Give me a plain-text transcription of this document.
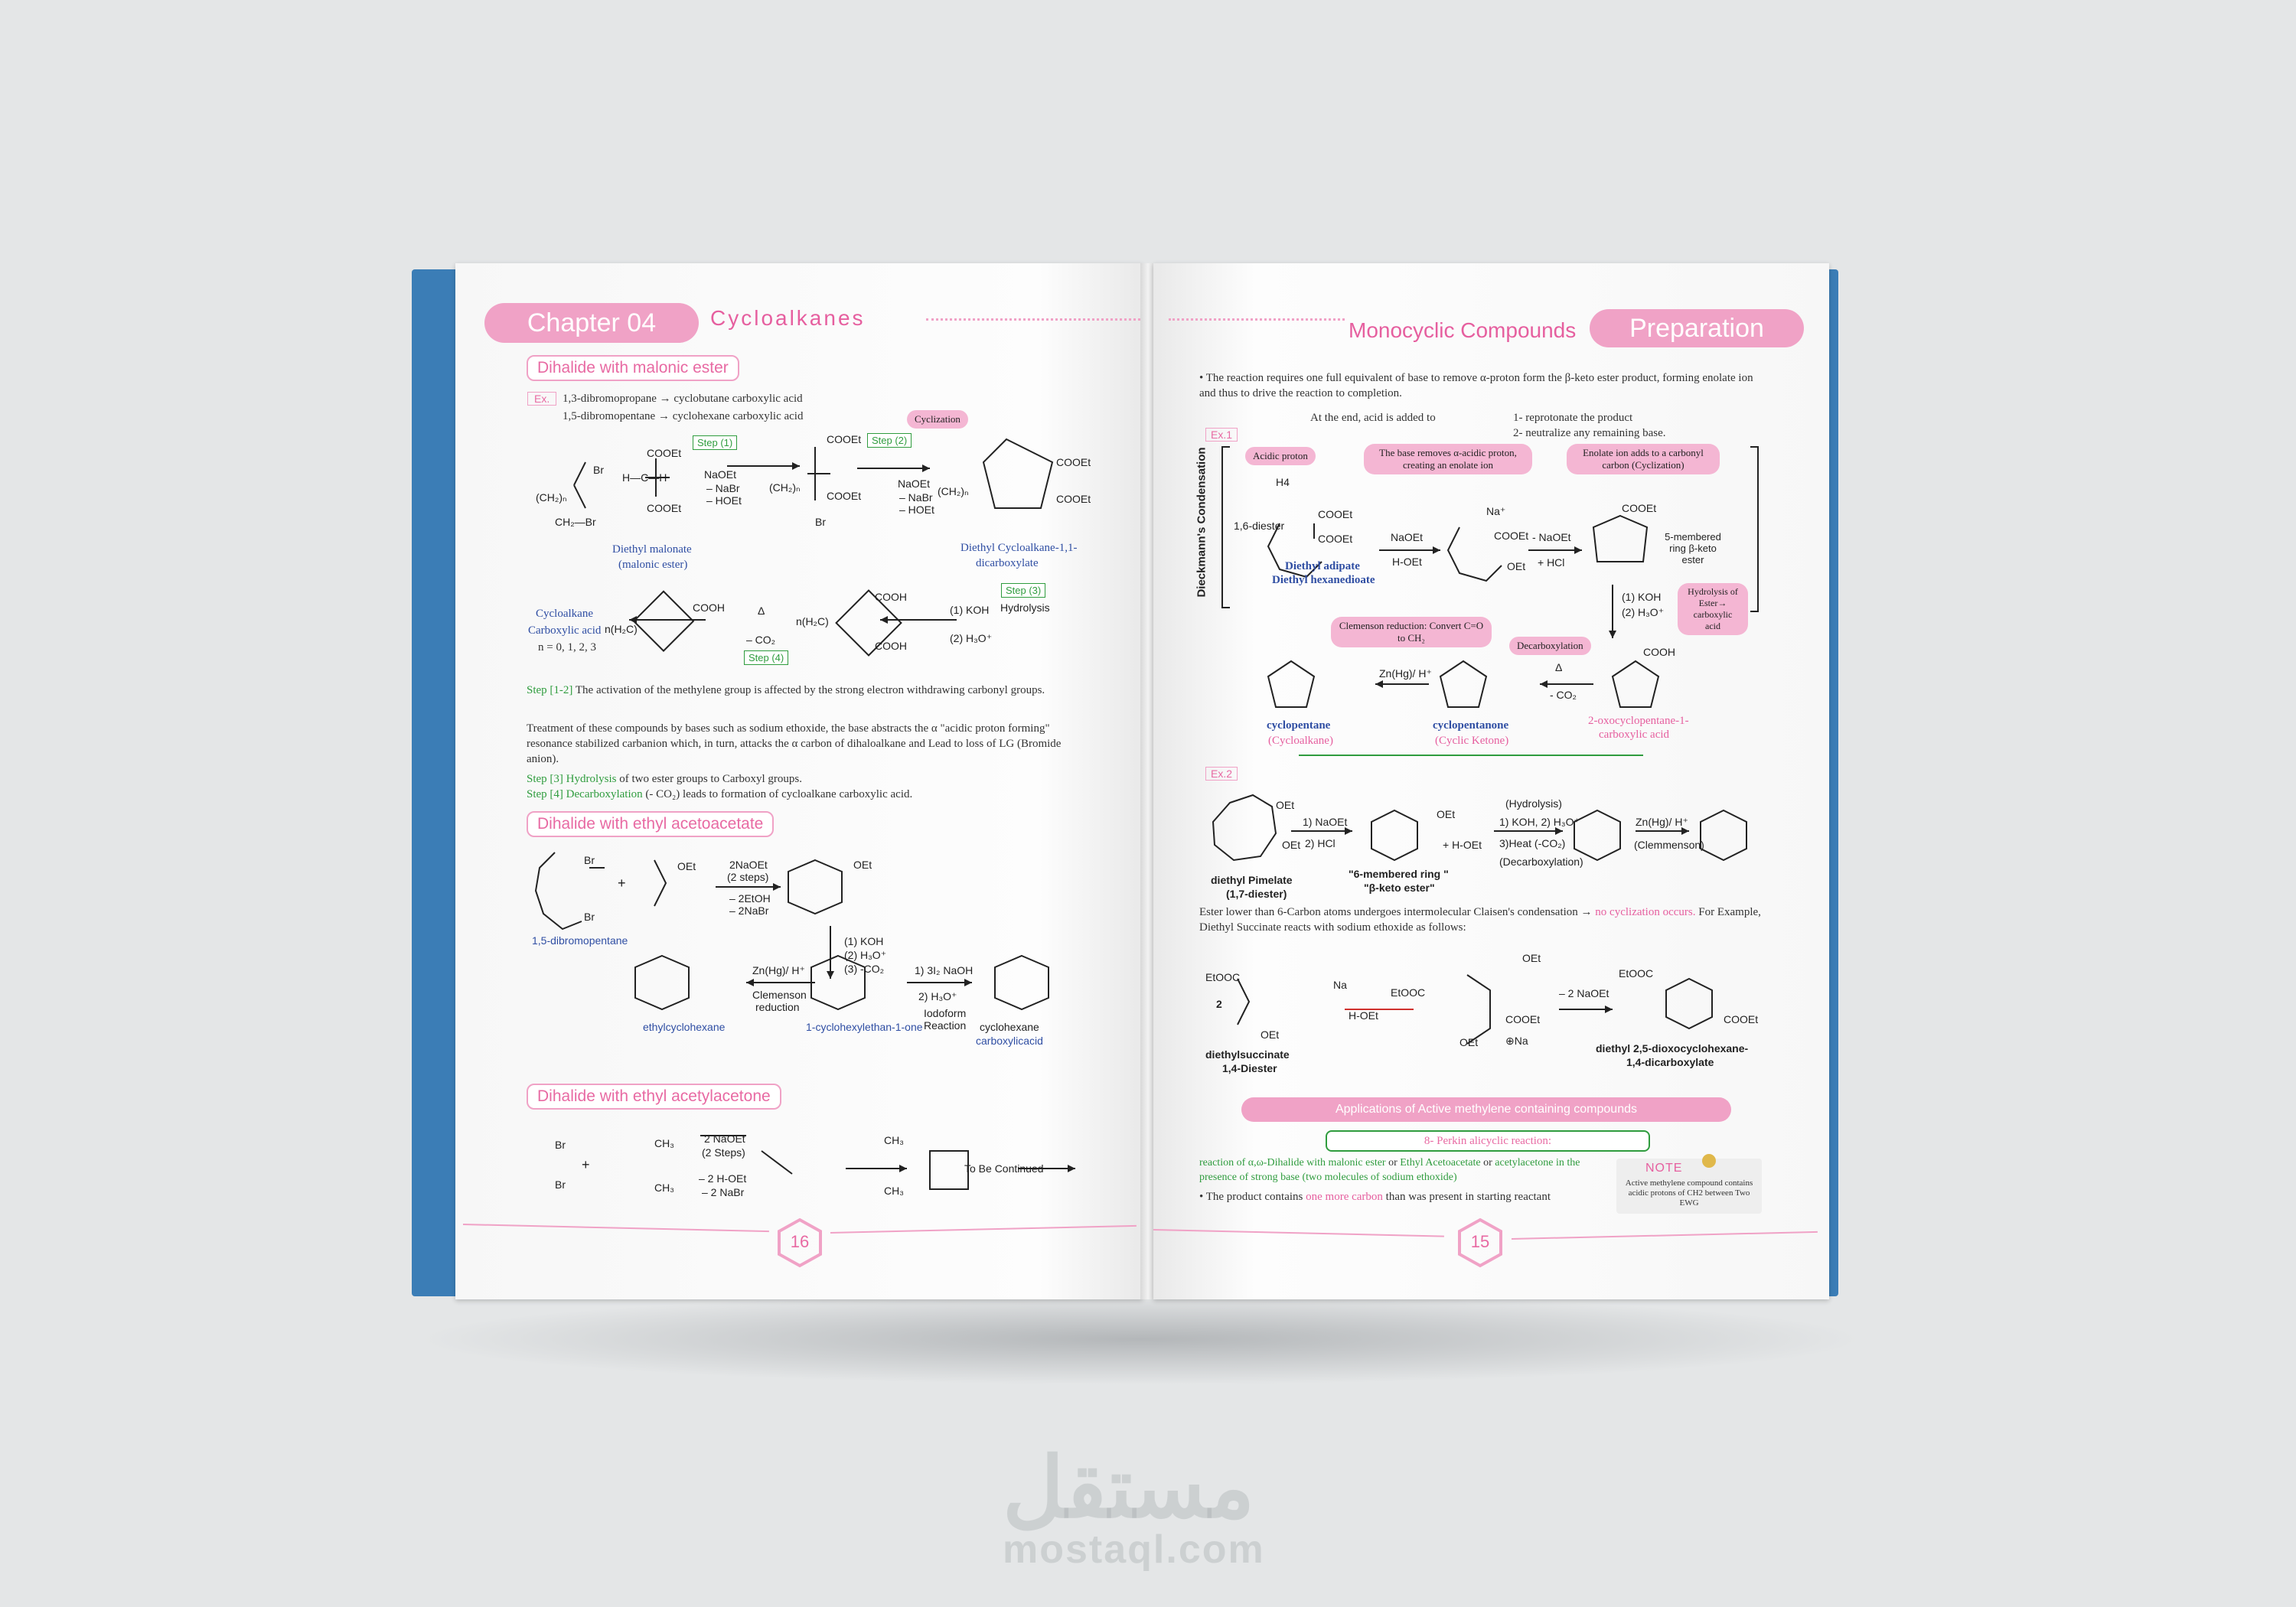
Chapter 04	Cycloalkanes
Dihalide with malonic ester
Ex.	1,3-dibromopropane → cyclobutane carboxylic acid
1,5-dibromopentane → cyclohexane carboxylic acid
(CH₂)ₙ
Br
CH₂—Br
COOEt
COOEt
H—C—H
Step (1)
NaOEt
– NaBr
– HOEt
COOEt
COOEt
(CH₂)ₙ
Br
Cyclization
Step (2)
NaOEt
– NaBr
– HOEt
COOEt
COOEt
(CH₂)ₙ
Diethyl malonate
(malonic ester)
Diethyl Cycloalkane-1,1-
dicarboxylate
Step (3)
Hydrolysis
(1) KOH
(2) H₃O⁺
COOH
COOH
n(H₂C)
Δ
– CO₂
Step (4)
COOH
n(H₂C)
Cycloalkane
Carboxylic acid
n = 0, 1, 2, 3
Step [1-2] The activation of the methylene group is affected by the strong electron withdrawing carbonyl groups.
Treatment of these compounds by bases such as sodium ethoxide, the base abstracts the α "acidic proton forming" resonance stabilized carbanion which, in turn, attacks the α carbon of dihaloalkane and Lead to loss of LG (Bromide anion).
Step [3] Hydrolysis of two ester groups to Carboxyl groups.
Step [4] Decarboxylation (- CO₂) leads to formation of cycloalkane carboxylic acid.
Dihalide with ethyl acetoacetate
Br
Br
+
OEt
1,5-dibromopentane
2NaOEt
(2 steps)
– 2EtOH
– 2NaBr
OEt
(1) KOH
(2) H₃O⁺
(3) -CO₂
Zn(Hg)/ H⁺
Clemenson
reduction
1) 3I₂ NaOH
2) H₃O⁺
Iodoform
Reaction
ethylcyclohexane	1-cyclohexylethan-1-one	cyclohexane
carboxylicacid
Dihalide with ethyl acetylacetone
Br
Br
+
CH₃
CH₃
2 NaOEt
(2 Steps)
– 2 H-OEt
– 2 NaBr
CH₃
CH₃
To Be Continued
16
Monocyclic Compounds	Preparation
• The reaction requires one full equivalent of base to remove α-proton form the β-keto ester product, forming enolate ion and thus to drive the reaction to completion.
At the end, acid is added to	1- reprotonate the product
2- neutralize any remaining base.
Ex.1
Dieckmann's Condensation	Acidic proton	The base removes α-acidic proton, creating an enolate ion
Enolate ion adds to a carbonyl carbon (Cyclization)
Hydrolysis of Ester→ carboxylic acid
1,6-diester
H4
COOEt
COOEt
Diethyl adipate
Diethyl hexanedioate
NaOEt
H-OEt
COOEt
OEt
Na⁺
- NaOEt
+ HCl
COOEt
5-membered ring β-keto ester
(1) KOH
(2) H₃O⁺
Clemenson reduction: Convert C=O to CH₂
Decarboxylation
Zn(Hg)/ H⁺	Δ
- CO₂
COOH
cyclopentane
(Cycloalkane)
cyclopentanone
(Cyclic Ketone)
2-oxocyclopentane-1-
carboxylic acid
Ex.2
OEt
OEt
diethyl Pimelate
(1,7-diester)
1) NaOEt
2) HCl
OEt
+ H-OEt
"6-membered ring "
"β-keto ester"
(Hydrolysis)
1) KOH, 2) H₃O⁺
3)Heat (-CO₂)
(Decarboxylation)
Zn(Hg)/ H⁺
(Clemmenson)
Ester lower than 6-Carbon atoms undergoes intermolecular Claisen's condensation → no cyclization occurs. For Example, Diethyl Succinate reacts with sodium ethoxide as follows:
EtOOC
2
OEt
Na
H-OEt
diethylsuccinate
1,4-Diester
EtOOC
OEt
COOEt
OEt	⊕Na
– 2 NaOEt
EtOOC
COOEt
diethyl 2,5-dioxocyclohexane-
1,4-dicarboxylate
Applications of Active methylene containing compounds
8- Perkin alicyclic reaction:
reaction of α,ω-Dihalide with malonic ester or Ethyl Acetoacetate or acetylacetone in the presence of strong base (two molecules of sodium ethoxide)
• The product contains one more carbon than was present in starting reactant
NOTE
Active methylene compound contains acidic protons of CH2 between Two EWG
15
مستقل
mostaql.com
